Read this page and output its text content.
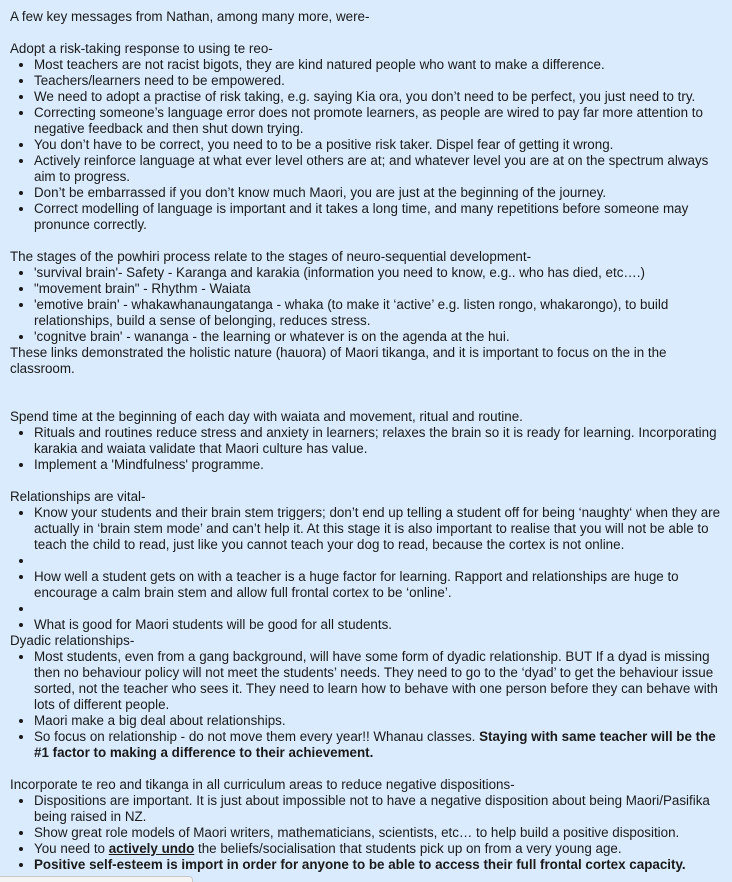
A few key messages from Nathan, among many more, were-

Adopt a risk-taking response to using te reo-

• Most teachers are not racist bigots, they are kind natured people who want to make a difference.
• Teachers/learners need to be empowered.
• We need to adopt a practise of risk taking, e.g. saying Kia ora, you don’t need to be perfect, you just need to try.
• Correcting someone’s language error does not promote learners, as people are wired to pay far more attention to negative feedback and then shut down trying.
• You don’t have to be correct, you need to to be a positive risk taker. Dispel fear of getting it wrong.
• Actively reinforce language at what ever level others are at; and whatever level you are at on the spectrum always aim to progress.
• Don’t be embarrassed if you don’t know much Maori, you are just at the beginning of the journey.
• Correct modelling of language is important and it takes a long time, and many repetitions before someone may pronunce correctly.

The stages of the powhiri process relate to the stages of neuro-sequential development-

• 'survival brain'- Safety - Karanga and karakia (information you need to know, e.g.. who has died, etc….)
• "movement brain" - Rhythm - Waiata
• 'emotive brain' - whakawhanaungatanga - whaka (to make it ‘active’ e.g. listen rongo, whakarongo), to build relationships, build a sense of belonging, reduces stress.
• 'cognitve brain' - wananga - the learning or whatever is on the agenda at the hui.

These links demonstrated the holistic nature (hauora) of Maori tikanga, and it is important to focus on the in the classroom.

Spend time at the beginning of each day with waiata and movement, ritual and routine.

• Rituals and routines reduce stress and anxiety in learners; relaxes the brain so it is ready for learning. Incorporating karakia and waiata validate that Maori culture has value.
• Implement a 'Mindfulness' programme.

Relationships are vital-

• Know your students and their brain stem triggers; don’t end up telling a student off for being ‘naughty‘ when they are actually in ‘brain stem mode’ and can’t help it. At this stage it is also important to realise that you will not be able to teach the child to read, just like you cannot teach your dog to read, because the cortex is not online.
•
• How well a student gets on with a teacher is a huge factor for learning. Rapport and relationships are huge to encourage a calm brain stem and allow full frontal cortex to be ‘online’.
•
• What is good for Maori students will be good for all students.

Dyadic relationships-

• Most students, even from a gang background, will have some form of dyadic relationship. BUT If a dyad is missing then no behaviour policy will not meet the students’ needs. They need to go to the ‘dyad’ to get the behaviour issue sorted, not the teacher who sees it. They need to learn how to behave with one person before they can behave with lots of different people.
• Maori make a big deal about relationships.
• So focus on relationship - do not move them every year!! Whanau classes. Staying with same teacher will be the #1 factor to making a difference to their achievement.

Incorporate te reo and tikanga in all curriculum areas to reduce negative dispositions-

• Dispositions are important. It is just about impossible not to have a negative disposition about being Maori/Pasifika being raised in NZ.
• Show great role models of Maori writers, mathematicians, scientists, etc… to help build a positive disposition.
• You need to actively undo the beliefs/socialisation that students pick up on from a very young age.
• Positive self-esteem is import in order for anyone to be able to access their full frontal cortex capacity.
